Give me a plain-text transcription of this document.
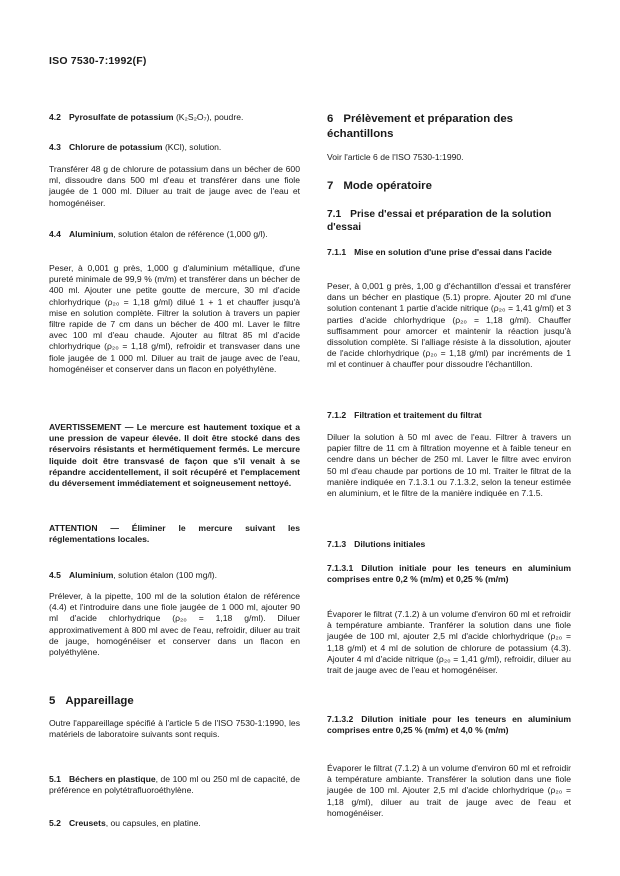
ISO 7530-7:1992(F)

4.2 Pyrosulfate de potassium (K₂S₂O₇), poudre.

4.3 Chlorure de potassium (KCl), solution.

Transférer 48 g de chlorure de potassium dans un bécher de 600 ml, dissoudre dans 500 ml d'eau et transférer dans une fiole jaugée de 1 000 ml. Diluer au trait de jauge avec de l'eau et homogénéiser.

4.4 Aluminium, solution étalon de référence (1,000 g/l).

Peser, à 0,001 g près, 1,000 g d'aluminium métallique, d'une pureté minimale de 99,9 % (m/m) et transférer dans un bécher de 400 ml. Ajouter une petite goutte de mercure, 30 ml d'acide chlorhydrique (ρ₂₀ = 1,18 g/ml) dilué 1 + 1 et chauffer jusqu'à mise en solution complète. Filtrer la solution à travers un papier filtre rapide de 7 cm dans un bécher de 400 ml. Laver le filtre avec 100 ml d'eau chaude. Ajouter au filtrat 85 ml d'acide chlorhydrique (ρ₂₀ = 1,18 g/ml), refroidir et transvaser dans une fiole jaugée de 1 000 ml. Diluer au trait de jauge avec de l'eau, homogénéiser et conserver dans un flacon en polyéthylène.

AVERTISSEMENT — Le mercure est hautement toxique et a une pression de vapeur élevée. Il doit être stocké dans des réservoirs résistants et hermétiquement fermés. Le mercure liquide doit être transvasé de façon que s'il venait à se répandre accidentellement, il soit récupéré et l'emplacement du déversement immédiatement et soigneusement nettoyé.

ATTENTION — Éliminer le mercure suivant les réglementations locales.

4.5 Aluminium, solution étalon (100 mg/l).

Prélever, à la pipette, 100 ml de la solution étalon de référence (4.4) et l'introduire dans une fiole jaugée de 1 000 ml, ajouter 90 ml d'acide chlorhydrique (ρ₂₀ = 1,18 g/ml). Diluer approximativement à 800 ml avec de l'eau, refroidir, diluer au trait de jauge, homogénéiser et conserver dans un flacon en polyéthylène.

5 Appareillage

Outre l'appareillage spécifié à l'article 5 de l'ISO 7530-1:1990, les matériels de laboratoire suivants sont requis.

5.1 Béchers en plastique, de 100 ml ou 250 ml de capacité, de préférence en polytétrafluoroéthylène.

5.2 Creusets, ou capsules, en platine.

6 Prélèvement et préparation des échantillons

Voir l'article 6 de l'ISO 7530-1:1990.

7 Mode opératoire
7.1 Prise d'essai et préparation de la solution d'essai

7.1.1 Mise en solution d'une prise d'essai dans l'acide

Peser, à 0,001 g près, 1,00 g d'échantillon d'essai et transférer dans un bécher en plastique (5.1) propre. Ajouter 20 ml d'une solution contenant 1 partie d'acide nitrique (ρ₂₀ = 1,41 g/ml) et 3 parties d'acide chlorhydrique (ρ₂₀ = 1,18 g/ml). Chauffer suffisamment pour amorcer et maintenir la réaction jusqu'à dissolution complète. Si l'alliage résiste à la dissolution, ajouter de l'acide chlorhydrique (ρ₂₀ = 1,18 g/ml) par incréments de 1 ml et continuer à chauffer pour dissoudre l'échantillon.

7.1.2 Filtration et traitement du filtrat

Diluer la solution à 50 ml avec de l'eau. Filtrer à travers un papier filtre de 11 cm à filtration moyenne et à faible teneur en cendre dans un bécher de 250 ml. Laver le filtre avec environ 50 ml d'eau chaude par portions de 10 ml. Traiter le filtrat de la manière indiquée en 7.1.3.1 ou 7.1.3.2, selon la teneur estimée en aluminium, et le filtre de la manière indiquée en 7.1.5.

7.1.3 Dilutions initiales

7.1.3.1 Dilution initiale pour les teneurs en aluminium comprises entre 0,2 % (m/m) et 0,25 % (m/m)

Évaporer le filtrat (7.1.2) à un volume d'environ 60 ml et refroidir à température ambiante. Tranférer la solution dans une fiole jaugée de 100 ml, ajouter 2,5 ml d'acide chlorhydrique (ρ₂₀ = 1,18 g/ml) et 4 ml de solution de chlorure de potassium (4.3). Ajouter 4 ml d'acide nitrique (ρ₂₀ = 1,41 g/ml), refroidir, diluer au trait de jauge avec de l'eau et homogénéiser.

7.1.3.2 Dilution initiale pour les teneurs en aluminium comprises entre 0,25 % (m/m) et 4,0 % (m/m)

Évaporer le filtrat (7.1.2) à un volume d'environ 60 ml et refroidir à température ambiante. Transférer la solution dans une fiole jaugée de 100 ml. Ajouter 2,5 ml d'acide chlorhydrique (ρ₂₀ = 1,18 g/ml), diluer au trait de jauge avec de l'eau et homogénéiser.
